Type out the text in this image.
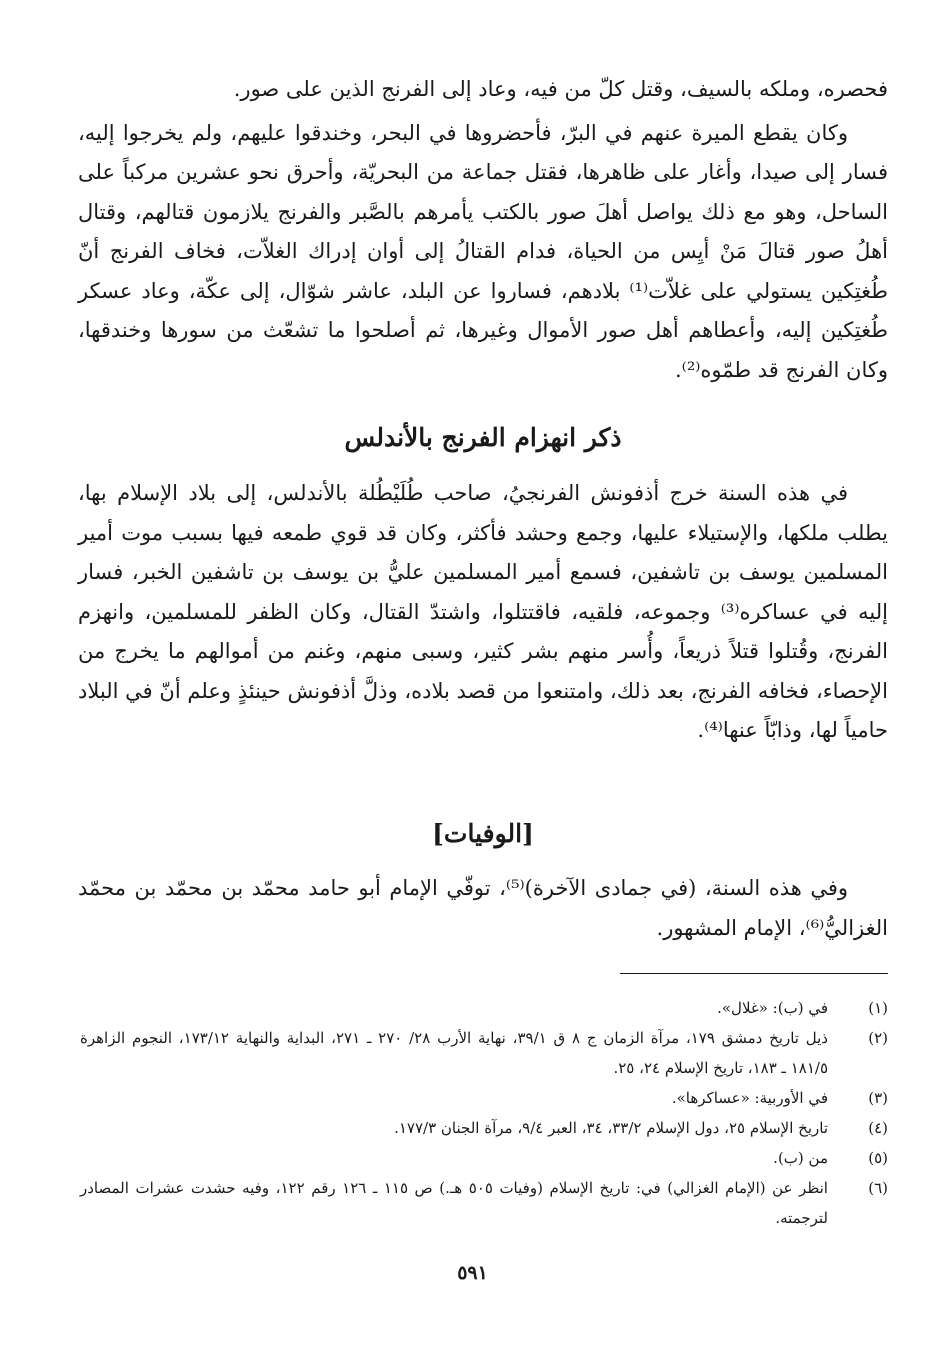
فحصره، وملكه بالسيف، وقتل كلّ من فيه، وعاد إلى الفرنج الذين على صور.

وكان يقطع الميرة عنهم في البرّ، فأحضروها في البحر، وخندقوا عليهم، ولم يخرجوا إليه، فسار إلى صيدا، وأغار على ظاهرها، فقتل جماعة من البحريّة، وأحرق نحو عشرين مركباً على الساحل، وهو مع ذلك يواصل أهلَ صور بالكتب يأمرهم بالصَّبر والفرنج يلازمون قتالهم، وقتال أهلُ صور قتالَ مَنْ أيِس من الحياة، فدام القتالُ إلى أوان إدراك الغلاّت، فخاف الفرنج أنّ طُغتِكين يستولي على غلاّت⁽¹⁾ بلادهم، فساروا عن البلد، عاشر شوّال، إلى عكّة، وعاد عسكر طُغتِكين إليه، وأعطاهم أهل صور الأموال وغيرها، ثم أصلحوا ما تشعّث من سورها وخندقها، وكان الفرنج قد طمّوه⁽²⁾.

ذكر انهزام الفرنج بالأندلس

في هذه السنة خرج أذفونش الفرنجيُ، صاحب طُلَيْطُلة بالأندلس، إلى بلاد الإسلام بها، يطلب ملكها، والإستيلاء عليها، وجمع وحشد فأكثر، وكان قد قوي طمعه فيها بسبب موت أمير المسلمين يوسف بن تاشفين، فسمع أمير المسلمين عليُّ بن يوسف بن تاشفين الخبر، فسار إليه في عساكره⁽³⁾ وجموعه، فلقيه، فاقتتلوا، واشتدّ القتال، وكان الظفر للمسلمين، وانهزم الفرنج، وقُتلوا قتلاً ذريعاً، وأُسر منهم بشر كثير، وسبى منهم، وغنم من أموالهم ما يخرج من الإحصاء، فخافه الفرنج، بعد ذلك، وامتنعوا من قصد بلاده، وذلَّ أذفونش حينئذٍ وعلم أنّ في البلاد حامياً لها، وذابّاً عنها⁽⁴⁾.

[الوفيات]

وفي هذه السنة، (في جمادى الآخرة)⁽⁵⁾، توفّي الإمام أبو حامد محمّد بن محمّد بن محمّد الغزاليُّ⁽⁶⁾، الإمام المشهور.

(١)
في (ب): «غلال».
(٢)
ذيل تاريخ دمشق ١٧٩، مرآة الزمان ج ٨ ق ٣٩/١، نهاية الأرب ٢٨/ ٢٧٠ ـ ٢٧١، البداية والنهاية ١٧٣/١٢، النجوم الزاهرة ١٨١/٥ ـ ١٨٣، تاريخ الإسلام ٢٤، ٢٥.
(٣)
في الأوربية: «عساكرها».
(٤)
تاريخ الإسلام ٢٥، دول الإسلام ٣٣/٢، ٣٤، العبر ٩/٤، مرآة الجنان ١٧٧/٣.
(٥)
من (ب).
(٦)
انظر عن (الإمام الغزالي) في: تاريخ الإسلام (وفيات ٥٠٥ هـ.) ص ١١٥ ـ ١٢٦ رقم ١٢٢، وفيه حشدت عشرات المصادر لترجمته.
٥٩١
